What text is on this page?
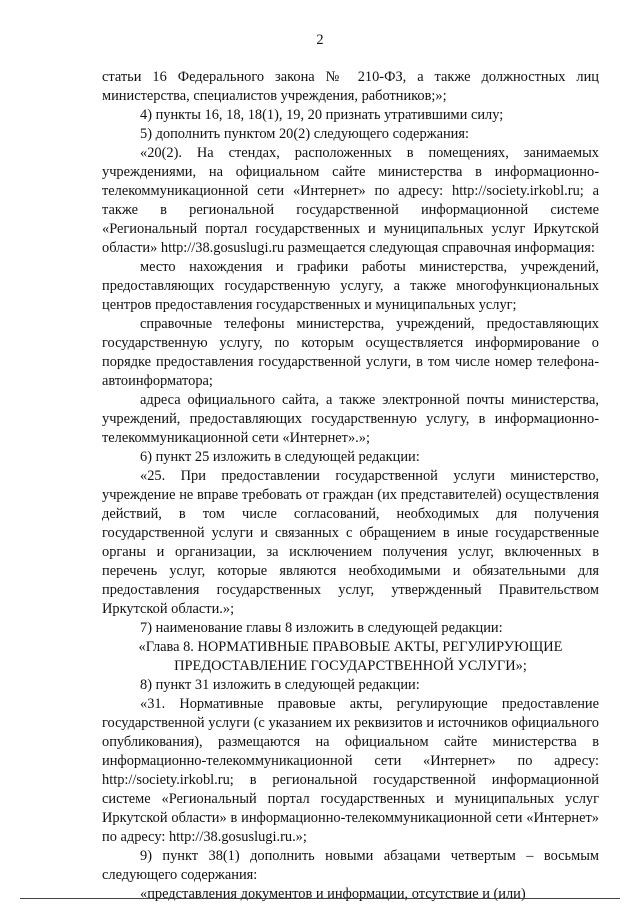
2

статьи 16 Федерального закона № 210-ФЗ, а также должностных лиц министерства, специалистов учреждения, работников;»;

4) пункты 16, 18, 18(1), 19, 20 признать утратившими силу;

5) дополнить пунктом 20(2) следующего содержания:

«20(2). На стендах, расположенных в помещениях, занимаемых учреждениями, на официальном сайте министерства в информационно-телекоммуникационной сети «Интернет» по адресу: http://society.irkobl.ru; а также в региональной государственной информационной системе «Региональный портал государственных и муниципальных услуг Иркутской области» http://38.gosuslugi.ru размещается следующая справочная информация:

место нахождения и графики работы министерства, учреждений, предоставляющих государственную услугу, а также многофункциональных центров предоставления государственных и муниципальных услуг;

справочные телефоны министерства, учреждений, предоставляющих государственную услугу, по которым осуществляется информирование о порядке предоставления государственной услуги, в том числе номер телефона-автоинформатора;

адреса официального сайта, а также электронной почты министерства, учреждений, предоставляющих государственную услугу, в информационно-телекоммуникационной сети «Интернет».»;

6) пункт 25 изложить в следующей редакции:

«25. При предоставлении государственной услуги министерство, учреждение не вправе требовать от граждан (их представителей) осуществления действий, в том числе согласований, необходимых для получения государственной услуги и связанных с обращением в иные государственные органы и организации, за исключением получения услуг, включенных в перечень услуг, которые являются необходимыми и обязательными для предоставления государственных услуг, утвержденный Правительством Иркутской области.»;

7) наименование главы 8 изложить в следующей редакции:

«Глава 8. НОРМАТИВНЫЕ ПРАВОВЫЕ АКТЫ, РЕГУЛИРУЮЩИЕ ПРЕДОСТАВЛЕНИЕ ГОСУДАРСТВЕННОЙ УСЛУГИ»;

8) пункт 31 изложить в следующей редакции:

«31. Нормативные правовые акты, регулирующие предоставление государственной услуги (с указанием их реквизитов и источников официального опубликования), размещаются на официальном сайте министерства в информационно-телекоммуникационной сети «Интернет» по адресу: http://society.irkobl.ru; в региональной государственной информационной системе «Региональный портал государственных и муниципальных услуг Иркутской области» в информационно-телекоммуникационной сети «Интернет» по адресу: http://38.gosuslugi.ru.»;

9) пункт 38(1) дополнить новыми абзацами четвертым – восьмым следующего содержания:

«представления документов и информации, отсутствие и (или)
